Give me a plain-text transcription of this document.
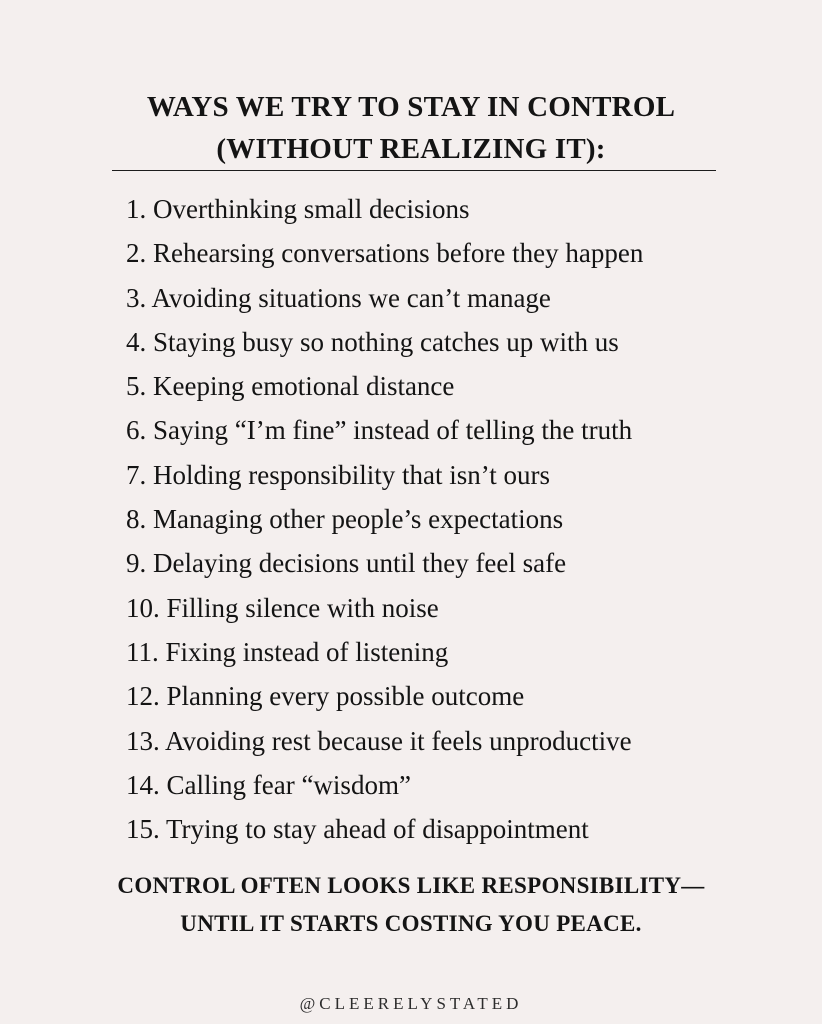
WAYS WE TRY TO STAY IN CONTROL
(WITHOUT REALIZING IT):
1. Overthinking small decisions
2. Rehearsing conversations before they happen
3. Avoiding situations we can’t manage
4. Staying busy so nothing catches up with us
5. Keeping emotional distance
6. Saying “I’m fine” instead of telling the truth
7. Holding responsibility that isn’t ours
8. Managing other people’s expectations
9. Delaying decisions until they feel safe
10. Filling silence with noise
11. Fixing instead of listening
12. Planning every possible outcome
13. Avoiding rest because it feels unproductive
14. Calling fear “wisdom”
15. Trying to stay ahead of disappointment
CONTROL OFTEN LOOKS LIKE RESPONSIBILITY—
UNTIL IT STARTS COSTING YOU PEACE.
@CLEERELYSTATED
